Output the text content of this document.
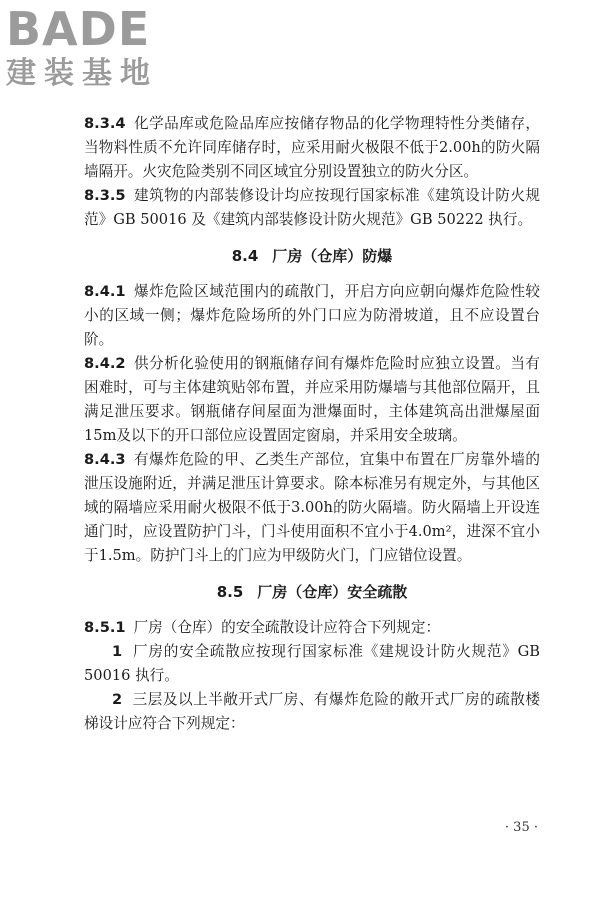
BADE
建装基地

8.3.4 化学品库或危险品库应按储存物品的化学物理特性分类储存，当物料性质不允许同库储存时，应采用耐火极限不低于2.00h的防火隔墙隔开。火灾危险类别不同区域宜分别设置独立的防火分区。

8.3.5 建筑物的内部装修设计均应按现行国家标准《建筑设计防火规范》GB 50016 及《建筑内部装修设计防火规范》GB 50222 执行。

8.4 厂房（仓库）防爆

8.4.1 爆炸危险区域范围内的疏散门，开启方向应朝向爆炸危险性较小的区域一侧；爆炸危险场所的外门口应为防滑坡道，且不应设置台阶。

8.4.2 供分析化验使用的钢瓶储存间有爆炸危险时应独立设置。当有困难时，可与主体建筑贴邻布置，并应采用防爆墙与其他部位隔开，且满足泄压要求。钢瓶储存间屋面为泄爆面时，主体建筑高出泄爆屋面15m及以下的开口部位应设置固定窗扇，并采用安全玻璃。

8.4.3 有爆炸危险的甲、乙类生产部位，宜集中布置在厂房靠外墙的泄压设施附近，并满足泄压计算要求。除本标准另有规定外，与其他区域的隔墙应采用耐火极限不低于3.00h的防火隔墙。防火隔墙上开设连通门时，应设置防护门斗，门斗使用面积不宜小于4.0m²，进深不宜小于1.5m。防护门斗上的门应为甲级防火门，门应错位设置。

8.5 厂房（仓库）安全疏散

8.5.1 厂房（仓库）的安全疏散设计应符合下列规定：

1 厂房的安全疏散应按现行国家标准《建规设计防火规范》GB 50016 执行。

2 三层及以上半敞开式厂房、有爆炸危险的敞开式厂房的疏散楼梯设计应符合下列规定：

· 35 ·
